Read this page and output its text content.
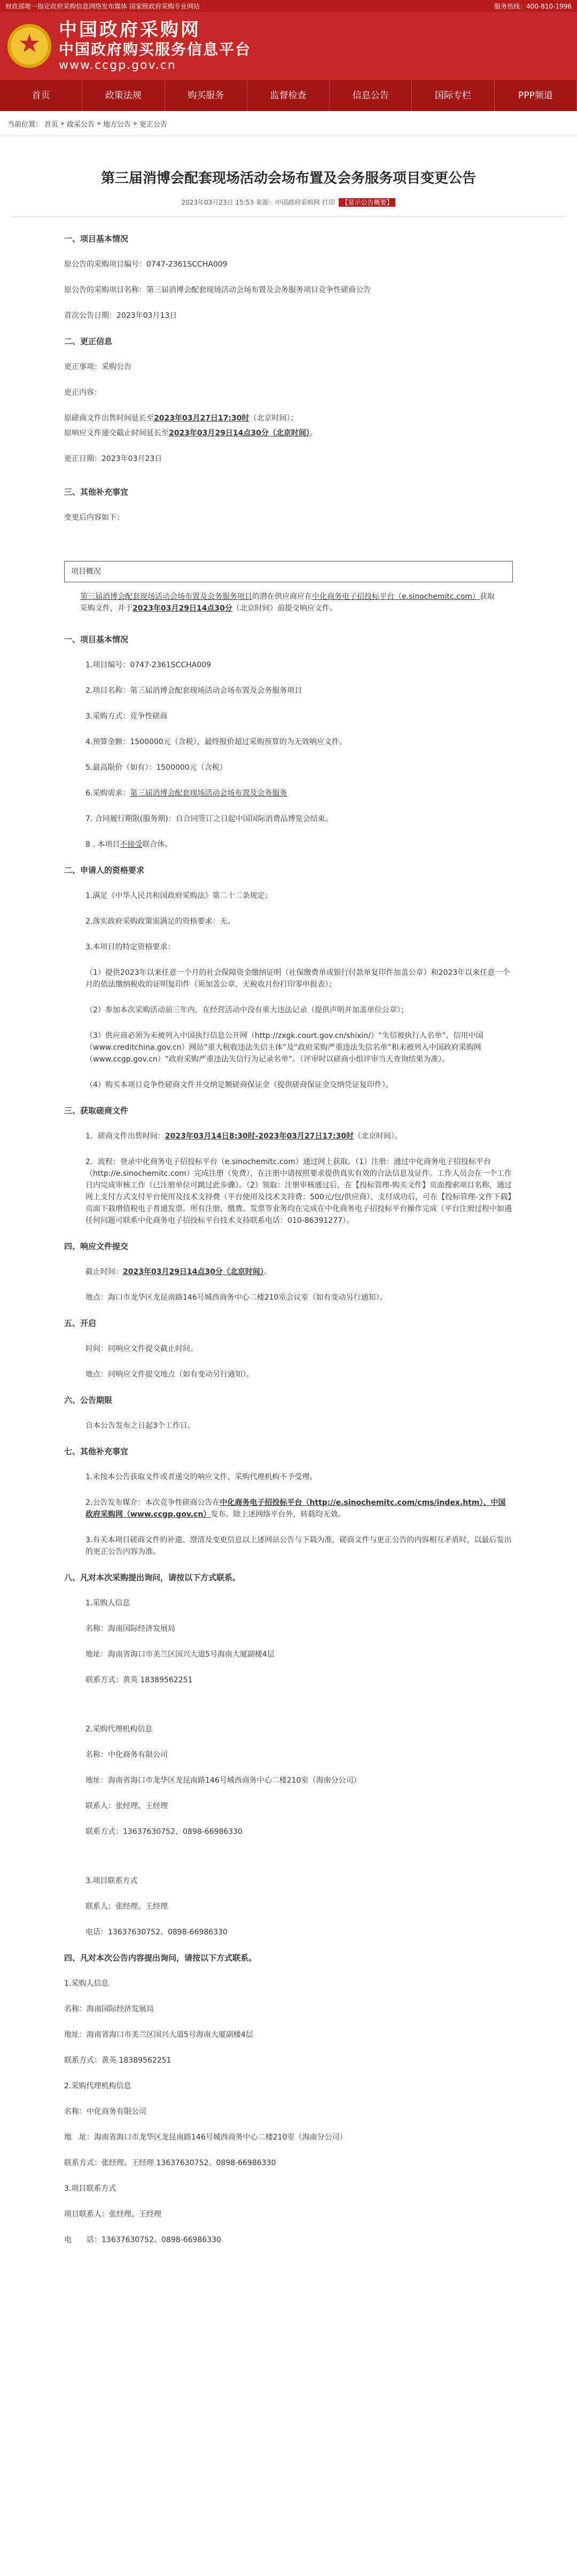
财政部唯一指定政府采购信息网络发布媒体 国家级政府采购专业网站	服务热线：400-810-1996
中国政府采购网
中国政府购买服务信息平台
www.ccgp.gov.cn
首页	政策法规	购买服务	监督检查	信息公告	国际专栏	PPP频道
当前位置： 首页 » 政采公告 » 地方公告 » 更正公告
第三届消博会配套现场活动会场布置及会务服务项目变更公告
2023年03月23日 15:53 来源：中国政府采购网 打印 【显示公告概要】

一、项目基本情况

原公告的采购项目编号：0747-2361SCCHA009

原公告的采购项目名称：第三届消博会配套现场活动会场布置及会务服务项目竞争性磋商公告

首次公告日期：2023年03月13日

二、更正信息

更正事项：采购公告

更正内容：

原磋商文件出售时间延长至2023年03月27日17:30时（北京时间）；

原响应文件递交截止时间延长至2023年03月29日14点30分（北京时间）。

更正日期：2023年03月23日

三、其他补充事宜

变更后内容如下：

项目概况

第三届消博会配套现场活动会场布置及会务服务项目的潜在供应商应在中化商务电子招投标平台（e.sinochemitc.com）获取采购文件，并于2023年03月29日14点30分（北京时间）前提交响应文件。

一、项目基本情况

1.项目编号：0747-2361SCCHA009

2.项目名称：第三届消博会配套现场活动会场布置及会务服务项目

3.采购方式：竞争性磋商

4.预算金额：1500000元（含税），最终报价超过采购预算的为无效响应文件。

5.最高限价（如有）：1500000元（含税）

6.采购需求：第三届消博会配套现场活动会场布置及会务服务

7. 合同履行期限(服务期)：自合同签订之日起中国国际消费品博览会结束。

8 . 本项目不接受联合体。

二、申请人的资格要求

1.满足《中华人民共和国政府采购法》第二十二条规定；

2.落实政府采购政策需满足的资格要求：无。

3.本项目的特定资格要求：

（1）提供2023年以来任意一个月的社会保障资金缴纳证明（社保缴费单或银行付款单复印件加盖公章）和2023年以来任意一个月的依法缴纳税收的证明复印件（须加盖公章，无税收月份打印零申报表）；

（2）参加本次采购活动前三年内，在经营活动中没有重大违法记录（提供声明并加盖单位公章）；

（3）供应商必须为未被列入中国执行信息公开网（http://zxgk.court.gov.cn/shixin/）“失信被执行人名单”、信用中国（www.creditchina.gov.cn）网站“重大税收违法失信主体”及“政府采购严重违法失信名单”和未被列入中国政府采购网（www.ccgp.gov.cn）“政府采购严重违法失信行为记录名单”。（评审时以磋商小组评审当天查询结果为准）。

（4）购买本项目竞争性磋商文件并交纳足额磋商保证金（提供磋商保证金交纳凭证复印件）。

三、获取磋商文件

1．磋商文件出售时间：2023年03月14日8:30时-2023年03月27日17:30时（北京时间）。

2．流程：登录中化商务电子招投标平台（e.sinochemitc.com）通过网上获取。（1）注册：通过中化商务电子招投标平台（http://e.sinochemitc.com）完成注册（免费），在注册中请按照要求提供真实有效的合法信息及证件。工作人员会在一个工作日内完成审核工作（已注册单位可跳过此步骤）。（2）领取：注册审核通过后，在【投标管理-购买文件】页面搜索项目名称，通过网上支付方式支付平台使用及技术支持费（平台使用及技术支持费：500元/包/供应商），支付成功后，可在【投标管理-文件下载】页面下载增值税电子普通发票。所有注册、缴费、发票等业务均在完成在中化商务电子招投标平台操作完成（平台注册过程中如遇任何问题可联系中化商务电子招投标平台技术支持联系电话：010-86391277）。

四、响应文件提交

截止时间：2023年03月29日14点30分（北京时间）。

地点：海口市龙华区龙昆南路146号城西商务中心二楼210室会议室（如有变动另行通知）。

五、开启

时间：同响应文件提交截止时间。

地点：同响应文件提交地点（如有变动另行通知）。

六、公告期限

自本公告发布之日起3个工作日。

七、其他补充事宜

1.未按本公告获取文件或者递交的响应文件，采购代理机构不予受理。

2.公告发布媒介：本次竞争性磋商公告在中化商务电子招投标平台（http://e.sinochemitc.com/cms/index.htm）、中国政府采购网（www.ccgp.gov.cn）发布。除上述网络平台外，转载均无效。

3.有关本项目磋商文件的补遗、澄清及变更信息以上述网站公告与下载为准，磋商文件与更正公告的内容相互矛盾时，以最后发出的更正公告内容为准。

八、凡对本次采购提出询问，请按以下方式联系。

1.采购人信息

名称：海南国际经济发展局

地址：海南省海口市美兰区国兴大道5号海南大厦副楼4层

联系方式：黄英 18389562251

2.采购代理机构信息

名称：中化商务有限公司

地址：海南省海口市龙华区龙昆南路146号城西商务中心二楼210室（海南分公司）

联系人：张经理、王经理

联系方式：13637630752、0898-66986330

3.项目联系方式

联系人：张经理、王经理

电话：13637630752、0898-66986330

四、凡对本次公告内容提出询问，请按以下方式联系。

1.采购人信息

名称：海南国际经济发展局

地址：海南省海口市美兰区国兴大道5号海南大厦副楼4层

联系方式：黄英 18389562251

2.采购代理机构信息

名称：中化商务有限公司

地　址：海南省海口市龙华区龙昆南路146号城西商务中心二楼210室（海南分公司）

联系方式：张经理、王经理 13637630752、0898-66986330

3.项目联系方式

项目联系人：张经理、王经理

电　　话：13637630752、0898-66986330
